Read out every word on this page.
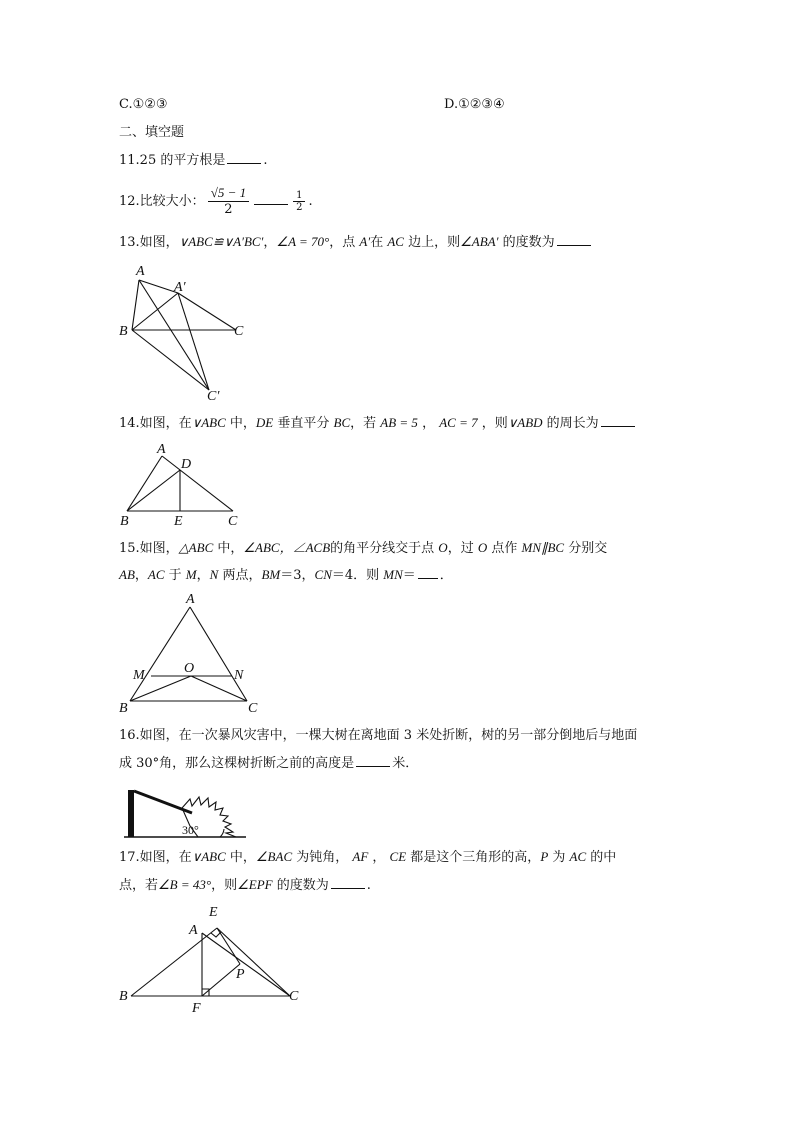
C.①②③	D.①②③④
二、填空题
11.25 的平方根是	.
12.比较大小： $\frac{√5 - 1}{2}$	$\frac{1}{2}$ .
13.如图，∨ABC≌∨A′BC′，∠A = 70°，点 A′在 AC 边上，则∠ABA′ 的度数为
A
A′
B	C
C′
14.如图，在∨ABC 中，DE 垂直平分 BC，若 AB = 5 ， AC = 7 ，则∨ABD 的周长为
A
D
B	E	C
15.如图，△ABC 中，∠ABC，∠ACB的角平分线交于点 O，过 O 点作 MN∥BC 分别交
AB，AC 于 M，N 两点，BM＝3，CN＝4．则 MN＝ ．
A
M	O	N
B	C
16.如图，在一次暴风灾害中，一棵大树在离地面 3 米处折断，树的另一部分倒地后与地面
成 30°角，那么这棵树折断之前的高度是	米．
30°
17.如图，在∨ABC 中，∠BAC 为钝角， AF ， CE 都是这个三角形的高，P 为 AC 的中
点，若∠B = 43°，则∠EPF 的度数为	.
E
A
P
B
F
C
